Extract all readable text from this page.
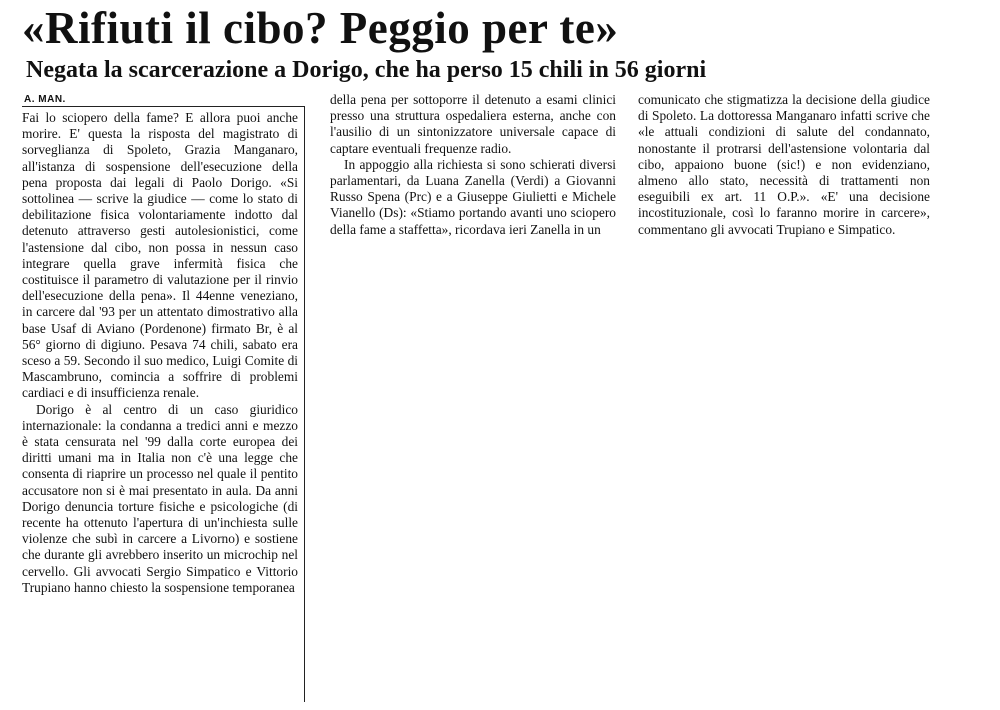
«Rifiuti il cibo? Peggio per te»
Negata la scarcerazione a Dorigo, che ha perso 15 chili in 56 giorni
A. MAN.

Fai lo sciopero della fame? E allora puoi anche morire. E' questa la risposta del magistrato di sorveglianza di Spoleto, Grazia Manganaro, all'istanza di sospensione dell'esecuzione della pena proposta dai legali di Paolo Dorigo. «Si sottolinea — scrive la giudice — come lo stato di debilitazione fisica volontariamente indotto dal detenuto attraverso gesti autolesionistici, come l'astensione dal cibo, non possa in nessun caso integrare quella grave infermità fisica che costituisce il parametro di valutazione per il rinvio dell'esecuzione della pena». Il 44enne veneziano, in carcere dal '93 per un attentato dimostrativo alla base Usaf di Aviano (Pordenone) firmato Br, è al 56° giorno di digiuno. Pesava 74 chili, sabato era sceso a 59. Secondo il suo medico, Luigi Comite di Mascambruno, comincia a soffrire di problemi cardiaci e di insufficienza renale.

Dorigo è al centro di un caso giuridico internazionale: la condanna a tredici anni e mezzo è stata censurata nel '99 dalla corte europea dei diritti umani ma in Italia non c'è una legge che consenta di riaprire un processo nel quale il pentito accusatore non si è mai presentato in aula. Da anni Dorigo denuncia torture fisiche e psicologiche (di recente ha ottenuto l'apertura di un'inchiesta sulle violenze che subì in carcere a Livorno) e sostiene che durante gli avrebbero inserito un microchip nel cervello. Gli avvocati Sergio Simpatico e Vittorio Trupiano hanno chiesto la sospensione temporanea

della pena per sottoporre il detenuto a esami clinici presso una struttura ospedaliera esterna, anche con l'ausilio di un sintonizzatore universale capace di captare eventuali frequenze radio.

In appoggio alla richiesta si sono schierati diversi parlamentari, da Luana Zanella (Verdi) a Giovanni Russo Spena (Prc) e a Giuseppe Giulietti e Michele Vianello (Ds): «Stiamo portando avanti uno sciopero della fame a staffetta», ricordava ieri Zanella in un

comunicato che stigmatizza la decisione della giudice di Spoleto. La dottoressa Manganaro infatti scrive che «le attuali condizioni di salute del condannato, nonostante il protrarsi dell'astensione volontaria dal cibo, appaiono buone (sic!) e non evidenziano, almeno allo stato, necessità di trattamenti non eseguibili ex art. 11 O.P.». «E' una decisione incostituzionale, così lo faranno morire in carcere», commentano gli avvocati Trupiano e Simpatico.
